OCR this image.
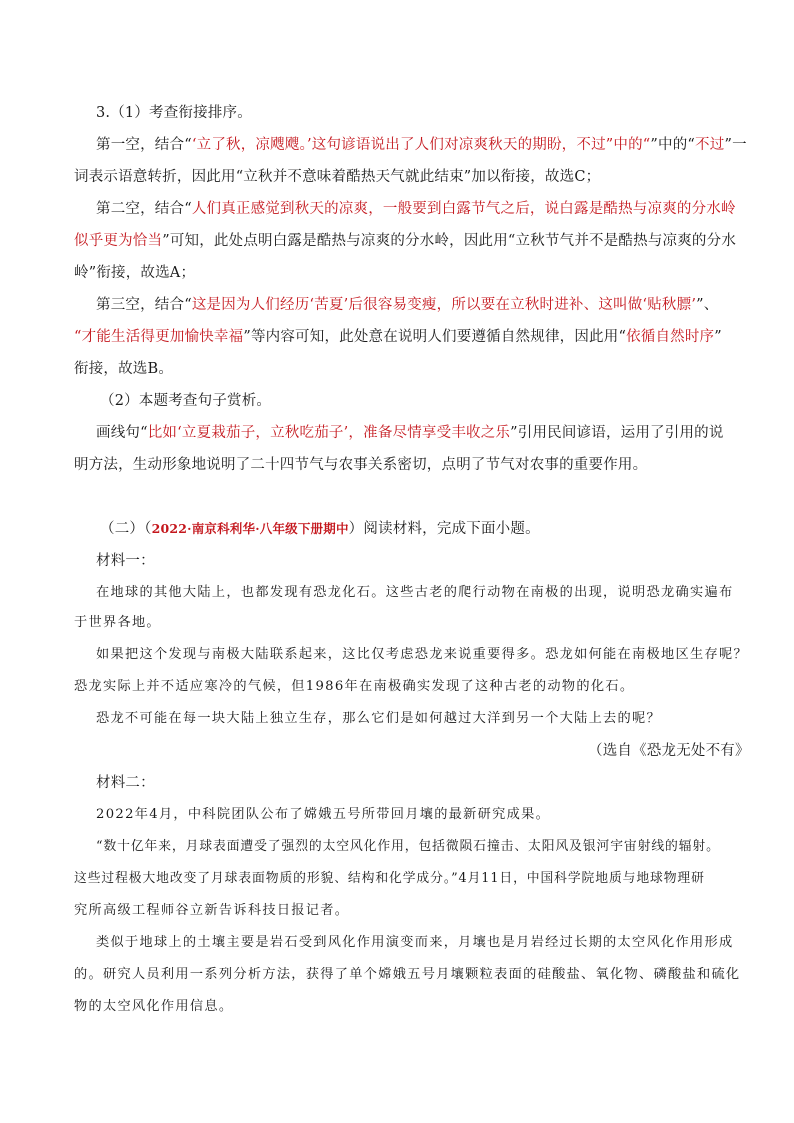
3.（1）考查衔接排序。
第一空，结合“‘立了秋，凉飕飕。’这句谚语说出了人们对凉爽秋天的期盼，不过”中的“”中的“不过”一
词表示语意转折，因此用“立秋并不意味着酷热天气就此结束”加以衔接，故选C；
第二空，结合“人们真正感觉到秋天的凉爽，一般要到白露节气之后，说白露是酷热与凉爽的分水岭
似乎更为恰当”可知，此处点明白露是酷热与凉爽的分水岭，因此用“立秋节气并不是酷热与凉爽的分水
岭”衔接，故选A；
第三空，结合“这是因为人们经历‘苦夏’后很容易变瘦，所以要在立秋时进补、这叫做‘贴秋膘’”、
“才能生活得更加愉快幸福”等内容可知，此处意在说明人们要遵循自然规律，因此用“依循自然时序”
衔接，故选B。
（2）本题考查句子赏析。
画线句“比如‘立夏栽茄子，立秋吃茄子’，准备尽情享受丰收之乐”引用民间谚语，运用了引用的说
明方法，生动形象地说明了二十四节气与农事关系密切，点明了节气对农事的重要作用。
（二）（2022·南京科利华·八年级下册期中）阅读材料，完成下面小题。
材料一：
在地球的其他大陆上，也都发现有恐龙化石。这些古老的爬行动物在南极的出现，说明恐龙确实遍布
于世界各地。
如果把这个发现与南极大陆联系起来，这比仅考虑恐龙来说重要得多。恐龙如何能在南极地区生存呢？
恐龙实际上并不适应寒冷的气候，但1986年在南极确实发现了这种古老的动物的化石。
恐龙不可能在每一块大陆上独立生存，那么它们是如何越过大洋到另一个大陆上去的呢？
（选自《恐龙无处不有》
材料二：
2022年4月，中科院团队公布了嫦娥五号所带回月壤的最新研究成果。
“数十亿年来，月球表面遭受了强烈的太空风化作用，包括微陨石撞击、太阳风及银河宇宙射线的辐射。
这些过程极大地改变了月球表面物质的形貌、结构和化学成分。”4月11日，中国科学院地质与地球物理研
究所高级工程师谷立新告诉科技日报记者。
类似于地球上的土壤主要是岩石受到风化作用演变而来，月壤也是月岩经过长期的太空风化作用形成
的。研究人员利用一系列分析方法，获得了单个嫦娥五号月壤颗粒表面的硅酸盐、氧化物、磷酸盐和硫化
物的太空风化作用信息。
